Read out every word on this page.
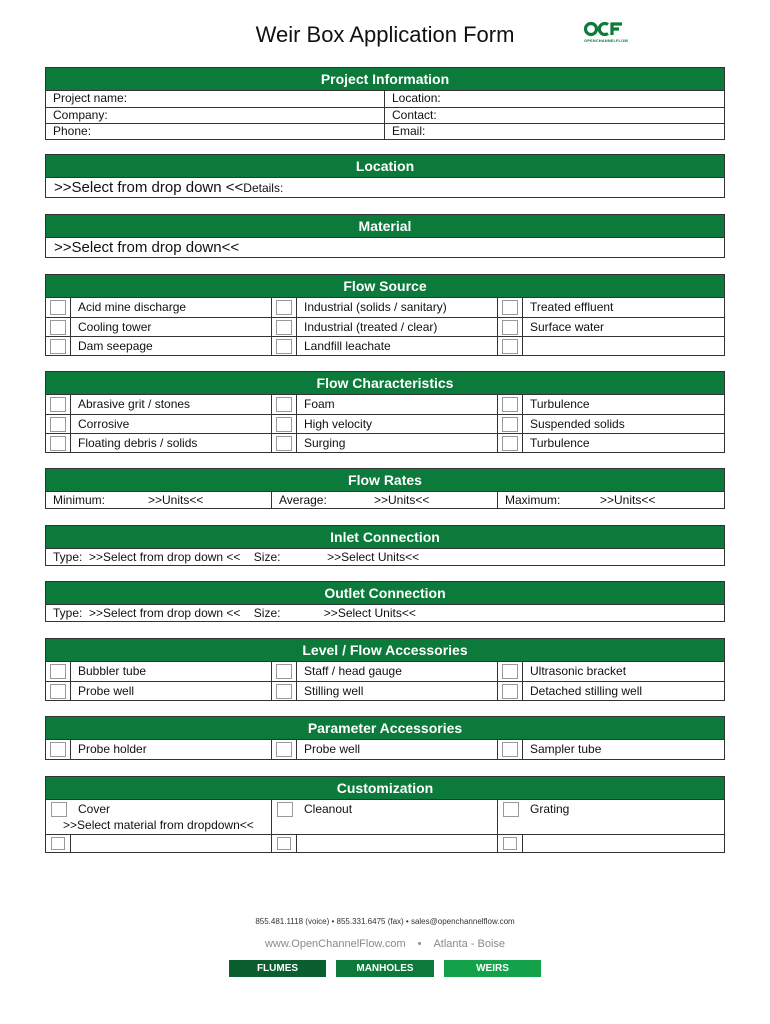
Weir Box Application Form	OPENCHANNELFLOW
Project Information
Project name:	Location:
Company:	Contact:
Phone:	Email:
Location
>>Select from drop down <<Details:
Material
>>Select from drop down<<
Flow Source
Acid mine discharge	Industrial (solids / sanitary)	Treated effluent
Cooling tower	Industrial (treated / clear)	Surface water
Dam seepage	Landfill leachate
Flow Characteristics
Abrasive grit / stones	Foam	Turbulence
Corrosive	High velocity	Suspended solids
Floating debris / solids	Surging	Turbulence
Flow Rates
Minimum:	>>Units<<	Average:	>>Units<<	Maximum:	>>Units<<
Inlet Connection
Type:  >>Select from drop down <<    Size:              >>Select Units<<
Outlet Connection
Type:  >>Select from drop down <<    Size:             >>Select Units<<
Level / Flow Accessories
Bubbler tube	Staff / head gauge	Ultrasonic bracket
Probe well	Stilling well	Detached stilling well
Parameter Accessories
Probe holder	Probe well	Sampler tube
Customization
Cover
>>Select material from dropdown<<
Cleanout	Grating
855.481.1118 (voice) • 855.331.6475 (fax) • sales@openchannelflow.com
www.OpenChannelFlow.com • Atlanta - Boise
FLUMES	MANHOLES	WEIRS
